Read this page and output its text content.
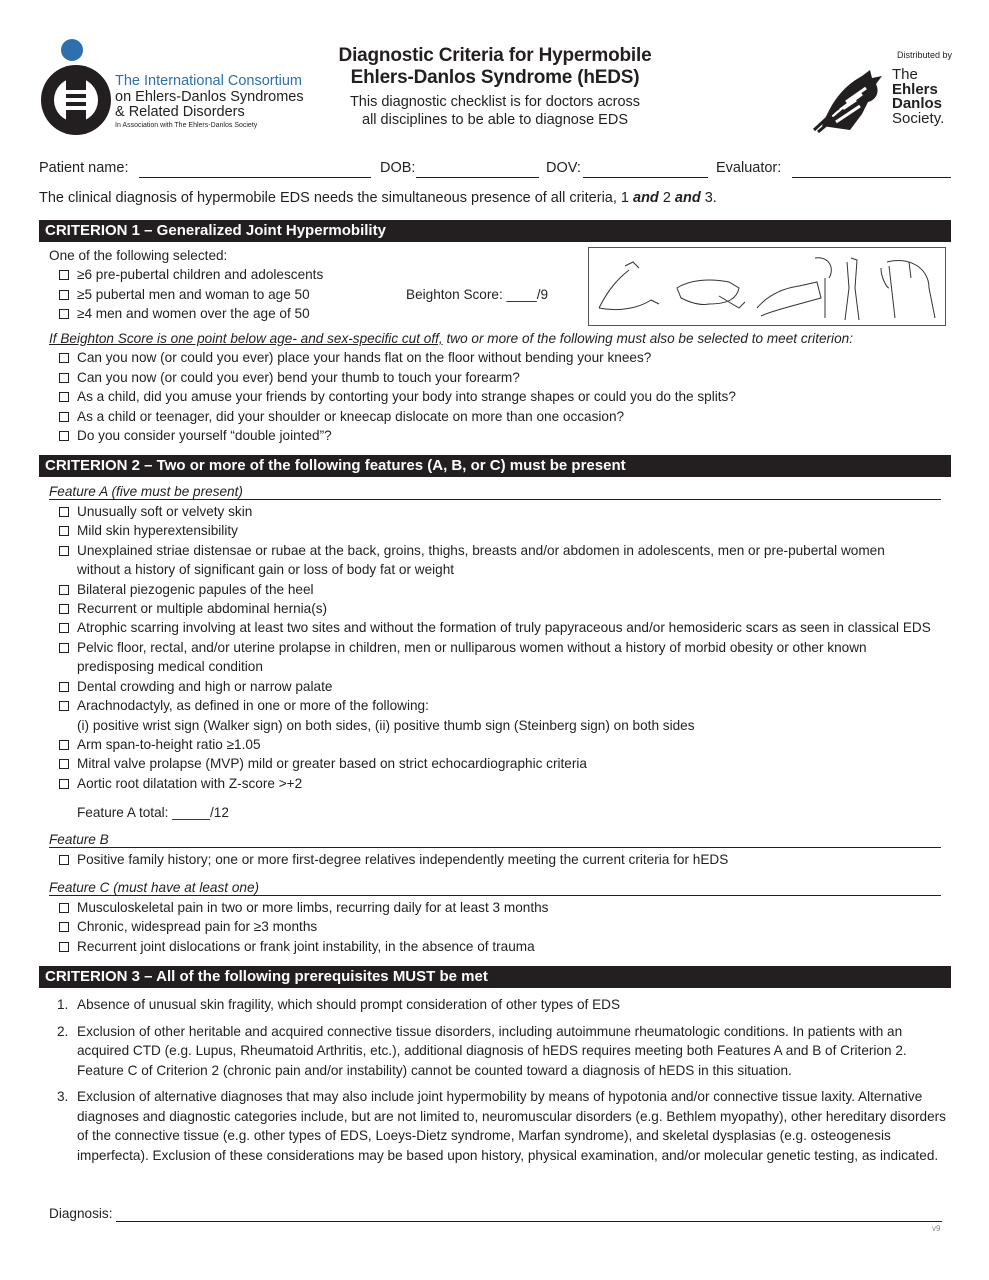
The International Consortium
on Ehlers-Danlos Syndromes
& Related Disorders
In Association with The Ehlers-Danlos Society
Diagnostic Criteria for Hypermobile
Ehlers-Danlos Syndrome (hEDS)
This diagnostic checklist is for doctors across
all disciplines to be able to diagnose EDS
Distributed by
The
Ehlers
Danlos
Society.
Patient name:	DOB:	DOV:	Evaluator:
The clinical diagnosis of hypermobile EDS needs the simultaneous presence of all criteria, 1 and 2 and 3.
CRITERION 1 – Generalized Joint Hypermobility
One of the following selected:
≥6 pre-pubertal children and adolescents
≥5 pubertal men and woman to age 50
≥4 men and women over the age of 50
Beighton Score: ____/9
If Beighton Score is one point below age- and sex-specific cut off, two or more of the following must also be selected to meet criterion:
Can you now (or could you ever) place your hands flat on the floor without bending your knees?
Can you now (or could you ever) bend your thumb to touch your forearm?
As a child, did you amuse your friends by contorting your body into strange shapes or could you do the splits?
As a child or teenager, did your shoulder or kneecap dislocate on more than one occasion?
Do you consider yourself “double jointed”?
CRITERION 2 – Two or more of the following features (A, B, or C) must be present
Feature A (five must be present)
Unusually soft or velvety skin
Mild skin hyperextensibility
Unexplained striae distensae or rubae at the back, groins, thighs, breasts and/or abdomen in adolescents, men or pre-pubertal women
without a history of significant gain or loss of body fat or weight
Bilateral piezogenic papules of the heel
Recurrent or multiple abdominal hernia(s)
Atrophic scarring involving at least two sites and without the formation of truly papyraceous and/or hemosideric scars as seen in classical EDS
Pelvic floor, rectal, and/or uterine prolapse in children, men or nulliparous women without a history of morbid obesity or other known
predisposing medical condition
Dental crowding and high or narrow palate
Arachnodactyly, as defined in one or more of the following:
(i) positive wrist sign (Walker sign) on both sides, (ii) positive thumb sign (Steinberg sign) on both sides
Arm span-to-height ratio ≥1.05
Mitral valve prolapse (MVP) mild or greater based on strict echocardiographic criteria
Aortic root dilatation with Z-score >+2
Feature A total: _____/12
Feature B
Positive family history; one or more first-degree relatives independently meeting the current criteria for hEDS
Feature C (must have at least one)
Musculoskeletal pain in two or more limbs, recurring daily for at least 3 months
Chronic, widespread pain for ≥3 months
Recurrent joint dislocations or frank joint instability, in the absence of trauma
CRITERION 3 – All of the following prerequisites MUST be met
1. Absence of unusual skin fragility, which should prompt consideration of other types of EDS
2. Exclusion of other heritable and acquired connective tissue disorders, including autoimmune rheumatologic conditions. In patients with an acquired CTD (e.g. Lupus, Rheumatoid Arthritis, etc.), additional diagnosis of hEDS requires meeting both Features A and B of Criterion 2. Feature C of Criterion 2 (chronic pain and/or instability) cannot be counted toward a diagnosis of hEDS in this situation.
3. Exclusion of alternative diagnoses that may also include joint hypermobility by means of hypotonia and/or connective tissue laxity. Alternative diagnoses and diagnostic categories include, but are not limited to, neuromuscular disorders (e.g. Bethlem myopathy), other hereditary disorders of the connective tissue (e.g. other types of EDS, Loeys-Dietz syndrome, Marfan syndrome), and skeletal dysplasias (e.g. osteogenesis imperfecta). Exclusion of these considerations may be based upon history, physical examination, and/or molecular genetic testing, as indicated.
Diagnosis:
v9
